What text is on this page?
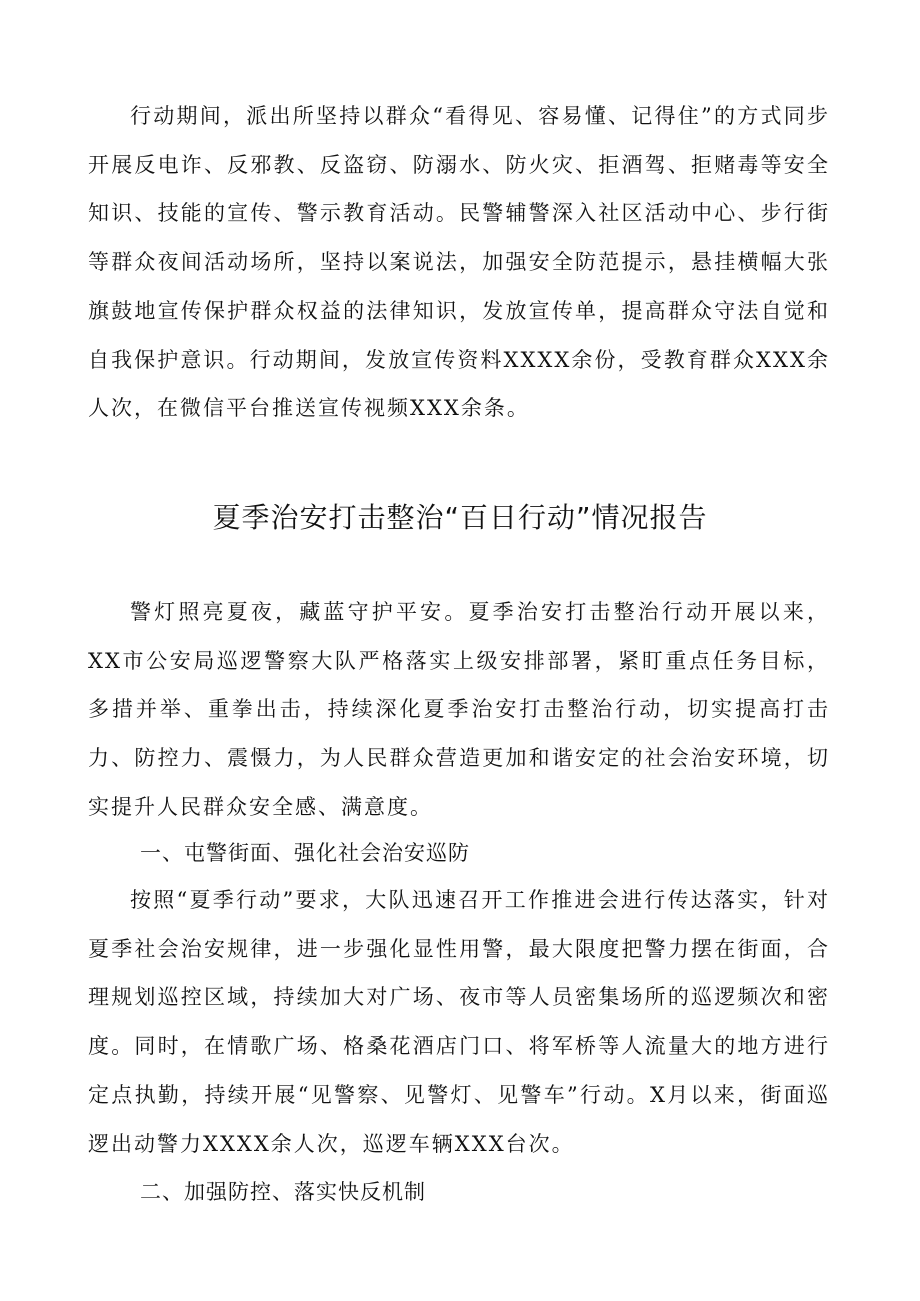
行动期间，派出所坚持以群众“看得见、容易懂、记得住”的方式同步开展反电诈、反邪教、反盗窃、防溺水、防火灾、拒酒驾、拒赌毒等安全知识、技能的宣传、警示教育活动。民警辅警深入社区活动中心、步行街等群众夜间活动场所，坚持以案说法，加强安全防范提示，悬挂横幅大张旗鼓地宣传保护群众权益的法律知识，发放宣传单，提高群众守法自觉和自我保护意识。行动期间，发放宣传资料XXXX余份，受教育群众XXX余人次，在微信平台推送宣传视频XXX余条。

夏季治安打击整治“百日行动”情况报告

警灯照亮夏夜，藏蓝守护平安。夏季治安打击整治行动开展以来，XX市公安局巡逻警察大队严格落实上级安排部署，紧盯重点任务目标，多措并举、重拳出击，持续深化夏季治安打击整治行动，切实提高打击力、防控力、震慑力，为人民群众营造更加和谐安定的社会治安环境，切实提升人民群众安全感、满意度。

一、屯警街面、强化社会治安巡防

按照“夏季行动”要求，大队迅速召开工作推进会进行传达落实，针对夏季社会治安规律，进一步强化显性用警，最大限度把警力摆在街面，合理规划巡控区域，持续加大对广场、夜市等人员密集场所的巡逻频次和密度。同时，在情歌广场、格桑花酒店门口、将军桥等人流量大的地方进行定点执勤，持续开展“见警察、见警灯、见警车”行动。X月以来，街面巡逻出动警力XXXX余人次，巡逻车辆XXX台次。

二、加强防控、落实快反机制
